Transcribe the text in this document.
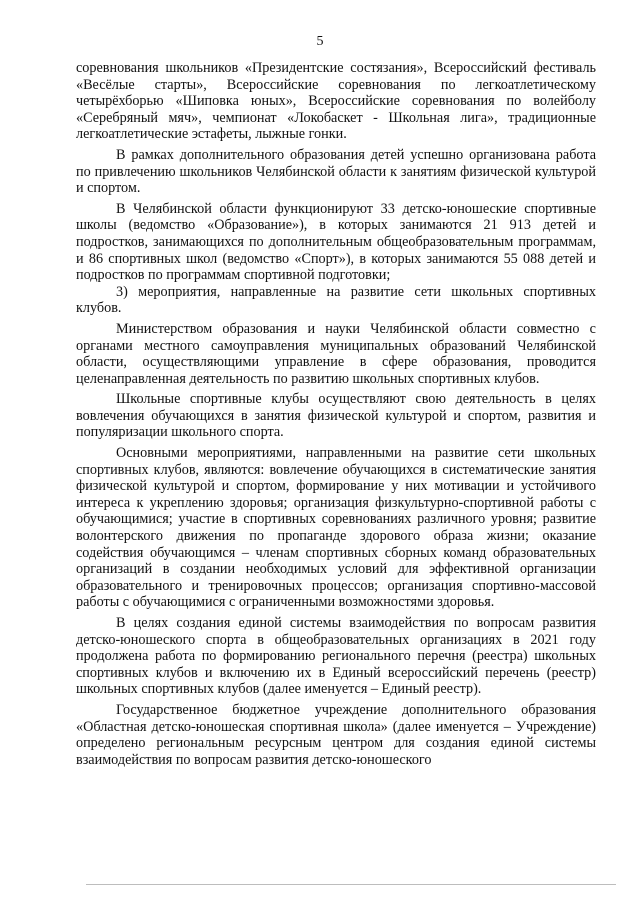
5

соревнования школьников «Президентские состязания», Всероссийский фестиваль «Весёлые старты», Всероссийские соревнования по легкоатлетическому четырёхборью «Шиповка юных», Всероссийские соревнования по волейболу «Серебряный мяч», чемпионат «Локобаскет - Школьная лига», традиционные легкоатлетические эстафеты, лыжные гонки.

В рамках дополнительного образования детей успешно организована работа по привлечению школьников Челябинской области к занятиям физической культурой и спортом.

В Челябинской области функционируют 33 детско-юношеские спортивные школы (ведомство «Образование»), в которых занимаются 21 913 детей и подростков, занимающихся по дополнительным общеобразовательным программам, и 86 спортивных школ (ведомство «Спорт»), в которых занимаются 55 088 детей и подростков по программам спортивной подготовки;

3) мероприятия, направленные на развитие сети школьных спортивных клубов.

Министерством образования и науки Челябинской области совместно с органами местного самоуправления муниципальных образований Челябинской области, осуществляющими управление в сфере образования, проводится целенаправленная деятельность по развитию школьных спортивных клубов.

Школьные спортивные клубы осуществляют свою деятельность в целях вовлечения обучающихся в занятия физической культурой и спортом, развития и популяризации школьного спорта.

Основными мероприятиями, направленными на развитие сети школьных спортивных клубов, являются: вовлечение обучающихся в систематические занятия физической культурой и спортом, формирование у них мотивации и устойчивого интереса к укреплению здоровья; организация физкультурно-спортивной работы с обучающимися; участие в спортивных соревнованиях различного уровня; развитие волонтерского движения по пропаганде здорового образа жизни; оказание содействия обучающимся – членам спортивных сборных команд образовательных организаций в создании необходимых условий для эффективной организации образовательного и тренировочных процессов; организация спортивно-массовой работы с обучающимися с ограниченными возможностями здоровья.

В целях создания единой системы взаимодействия по вопросам развития детско-юношеского спорта в общеобразовательных организациях в 2021 году продолжена работа по формированию регионального перечня (реестра) школьных спортивных клубов и включению их в Единый всероссийский перечень (реестр) школьных спортивных клубов (далее именуется – Единый реестр).

Государственное бюджетное учреждение дополнительного образования «Областная детско-юношеская спортивная школа» (далее именуется – Учреждение) определено региональным ресурсным центром для создания единой системы взаимодействия по вопросам развития детско-юношеского
